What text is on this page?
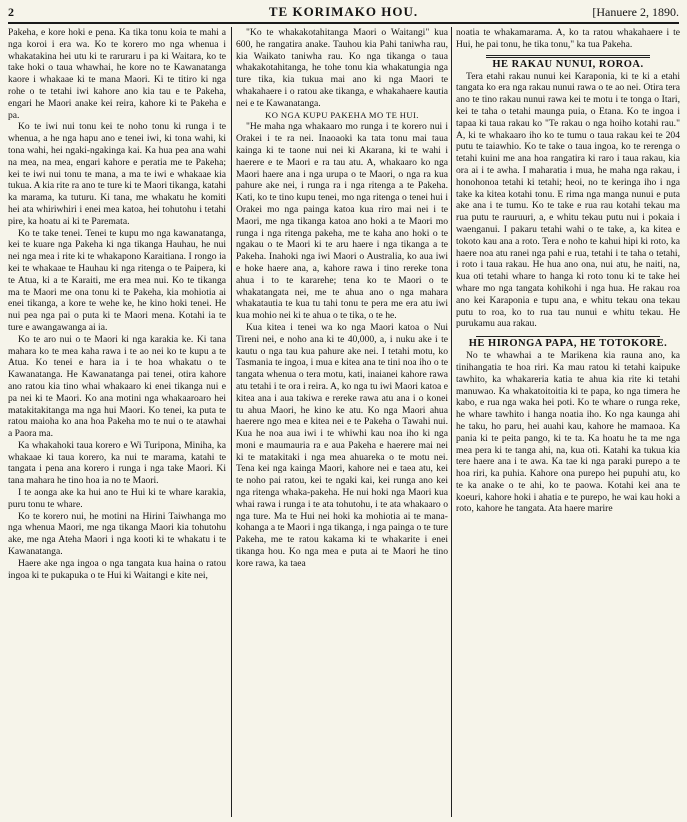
2	TE KORIMAKO HOU.	[Hanuere 2, 1890.

Pakeha, e kore hoki e pena. Ka tika tonu koia te mahi a nga koroi i era wa. Ko te korero mo nga whenua i whakatakina hei utu ki te raruraru i pa ki Waitara, ko te take hoki o taua whawhai, he kore no te Kawanatanga kaore i whakaae ki te mana Maori. Ki te titiro ki nga rohe o te tetahi iwi kahore ano kia tau e te Pakeha, engari he Maori anake kei reira, kahore ki te Pakeha e pa.

Ko te iwi nui tonu kei te noho tonu ki runga i te whenua, a he nga hapu ano e tenei iwi, ki tona wahi, ki tona wahi, hei ngaki-ngakinga kai. Ka hua pea ana wahi na mea, na mea, engari kahore e peratia me te Pakeha; kei te iwi nui tonu te mana, a ma te iwi e whakaae kia tukua. A kia rite ra ano te ture ki te Maori tikanga, katahi ka marama, ka tuturu. Ki tana, me whakatu he komiti hei ata whiriwhiri i enei mea katoa, hei tohutohu i tetahi pire, ka hoatu ai ki te Paremata.

Ko te take tenei. Tenei te kupu mo nga kawanatanga, kei te kuare nga Pakeha ki nga tikanga Hauhau, he nui nei nga mea i rite ki te whakapono Karaitiana. I rongo ia kei te whakaae te Hauhau ki nga ritenga o te Paipera, ki te Atua, ki a te Karaiti, me era mea nui. Ko te tikanga ma te Maori me ona tonu ki te Pakeha, kia mohiotia ai enei tikanga, a kore te wehe ke, he kino hoki tenei. He nui pea nga pai o puta ki te Maori mena. Kotahi ia te ture e awangawanga ai ia.

Ko te aro nui o te Maori ki nga karakia ke. Ki tana mahara ko te mea kaha rawa i te ao nei ko te kupu a te Atua. Ko tenei e hara ia i te hoa whakatu o te Kawanatanga. He Kawanatanga pai tenei, otira kahore ano ratou kia tino whai whakaaro ki enei tikanga nui e pa nei ki te Maori. Ko ana motini nga whakaaroaro hei matakitakitanga ma nga hui Maori. Ko tenei, ka puta te ratou maioha ko ana hoa Pakeha mo te nui o te atawhai a Paora ma.

Ka whakahoki taua korero e Wi Turipona, Miniha, ka whakaae ki taua korero, ka nui te marama, katahi te tangata i pena ana korero i runga i nga take Maori. Ki tana mahara he tino hoa ia no te Maori.

I te aonga ake ka hui ano te Hui ki te whare karakia, puru tonu te whare.

Ko te korero nui, he motini na Hirini Taiwhanga mo nga whenua Maori, me nga tikanga Maori kia tohutohu ake, me nga Ateha Maori i nga kooti ki te whakatu i te Kawanatanga.

Haere ake nga ingoa o nga tangata kua haina o ratou ingoa ki te pukapuka o te Hui ki Waitangi e kite nei,

"Ko te whakakotahitanga Maori o Waitangi" kua 600, he rangatira anake. Tauhou kia Pahi taniwha rau, kia Waikato taniwha rau. Ko nga tikanga o taua whakakotahitanga, he tohe tonu kia whakatungia nga ture tika, kia tukua mai ano ki nga Maori te whakahaere i o ratou ake tikanga, e whakahaere kautia nei e te Kawanatanga.

KO NGA KUPU PAKEHA MO TE HUI.

"He maha nga whakaaro mo runga i te korero nui i Orakei i te ra nei. Inaoaoki ka tata tonu mai taua kainga ki te taone nui nei ki Akarana, ki te wahi i haerere e te Maori e ra tau atu. A, whakaaro ko nga Maori haere ana i nga urupa o te Maori, o nga ra kua pahure ake nei, i runga ra i nga ritenga a te Pakeha. Kati, ko te tino kupu tenei, mo nga ritenga o tenei hui i Orakei mo nga painga katoa kua riro mai nei i te Maori, me nga tikanga katoa ano hoki a te Maori mo runga i nga ritenga pakeha, me te kaha ano hoki o te ngakau o te Maori ki te aru haere i nga tikanga a te Pakeha. Inahoki nga iwi Maori o Australia, ko aua iwi e hoke haere ana, a, kahore rawa i tino rereke tona ahua i to te kararehe; tena ko te Maori o te whakatangata nei, me te ahua ano o nga mahara whakatautia te kua tu tahi tonu te pera me era atu iwi kua mohio nei ki te ahua o te tika, o te he.

Kua kitea i tenei wa ko nga Maori katoa o Nui Tireni nei, e noho ana ki te 40,000, a, i nuku ake i te kautu o nga tau kua pahure ake nei. I tetahi motu, ko Tasmania te ingoa, i mua e kitea ana te tini noa iho o te tangata whenua o tera motu, kati, inaianei kahore rawa atu tetahi i te ora i reira. A, ko nga tu iwi Maori katoa e kitea ana i aua takiwa e rereke rawa atu ana i o konei tu ahua Maori, he kino ke atu. Ko nga Maori ahua haerere ngo mea e kitea nei e te Pakeha o Tawahi nui. Kua he noa aua iwi i te whiwhi kau noa iho ki nga moni e maumauria ra e aua Pakeha e haerere mai nei ki te matakitaki i nga mea ahuareka o te motu nei. Tena kei nga kainga Maori, kahore nei e taea atu, kei te noho pai ratou, kei te ngaki kai, kei runga ano kei nga ritenga whaka-pakeha. He nui hoki nga Maori kua whai rawa i runga i te ata tohutohu, i te ata whakaaro o nga ture. Ma te Hui nei hoki ka mohiotia ai te mana-kohanga a te Maori i nga tikanga, i nga painga o te ture Pakeha, me te ratou kakama ki te whakarite i enei tikanga hou. Ko nga mea e puta ai te Maori he tino kore rawa, ka taea

noatia te whakamarama. A, ko ta ratou whakahaere i te Hui, he pai tonu, he tika tonu," ka tua Pakeha.

HE RAKAU NUNUI, ROROA.

Tera etahi rakau nunui kei Karaponia, ki te ki a etahi tangata ko era nga rakau nunui rawa o te ao nei. Otira tera ano te tino rakau nunui rawa kei te motu i te tonga o Itari, kei te taha o tetahi maunga puia, o Etana. Ko te ingoa i tapaa ki taua rakau ko "Te rakau o nga hoiho kotahi rau." A, ki te whakaaro iho ko te tumu o taua rakau kei te 204 putu te taiawhio. Ko te take o taua ingoa, ko te rerenga o tetahi kuini me ana hoa rangatira ki raro i taua rakau, kia ora ai i te awha. I maharatia i mua, he maha nga rakau, i honohonoa tetahi ki tetahi; heoi, no te keringa iho i nga take ka kitea kotahi tonu. E rima nga manga nunui e puta ake ana i te tumu. Ko te take e rua rau kotahi tekau ma rua putu te rauruuri, a, e whitu tekau putu nui i pokaia i waenganui. I pakaru tetahi wahi o te take, a, ka kitea e tokoto kau ana a roto. Tera e noho te kahui hipi ki roto, ka haere noa atu ranei nga pahi e rua, tetahi i te taha o tetahi, i roto i taua rakau. He hua ano ona, nui atu, he naiti, na, kua oti tetahi whare to hanga ki roto tonu ki te take hei whare mo nga tangata kohikohi i nga hua. He rakau roa ano kei Karaponia e tupu ana, e whitu tekau ona tekau putu to roa, ko to rua tau nunui e whitu tekau. He purukamu aua rakau.

HE HIRONGA PAPA, HE TOTOKORE.

No te whawhai a te Marikena kia rauna ano, ka tinihangatia te hoa riri. Ka mau ratou ki tetahi kaipuke tawhito, ka whakareria katia te ahua kia rite ki tetahi manuwao. Ka whakatoitoitia ki te papa, ko nga timera he kabo, e rua nga waka hei poti. Ko te whare o runga reke, he whare tawhito i hanga noatia iho. Ko nga kaunga ahi he taku, ho paru, hei auahi kau, kahore he mamaoa. Ka pania ki te peita pango, ki te ta. Ka hoatu he ta me nga mea pera ki te tanga ahi, na, kua oti. Katahi ka tukua kia tere haere ana i te awa. Ka tae ki nga paraki purepo a te hoa riri, ka puhia. Kahore ona purepo hei pupuhi atu, ko te ka anake o te ahi, ko te paowa. Kotahi kei ana te koeuri, kahore hoki i ahatia e te purepo, he wai kau hoki a roto, kahore he tangata. Ata haere marire
